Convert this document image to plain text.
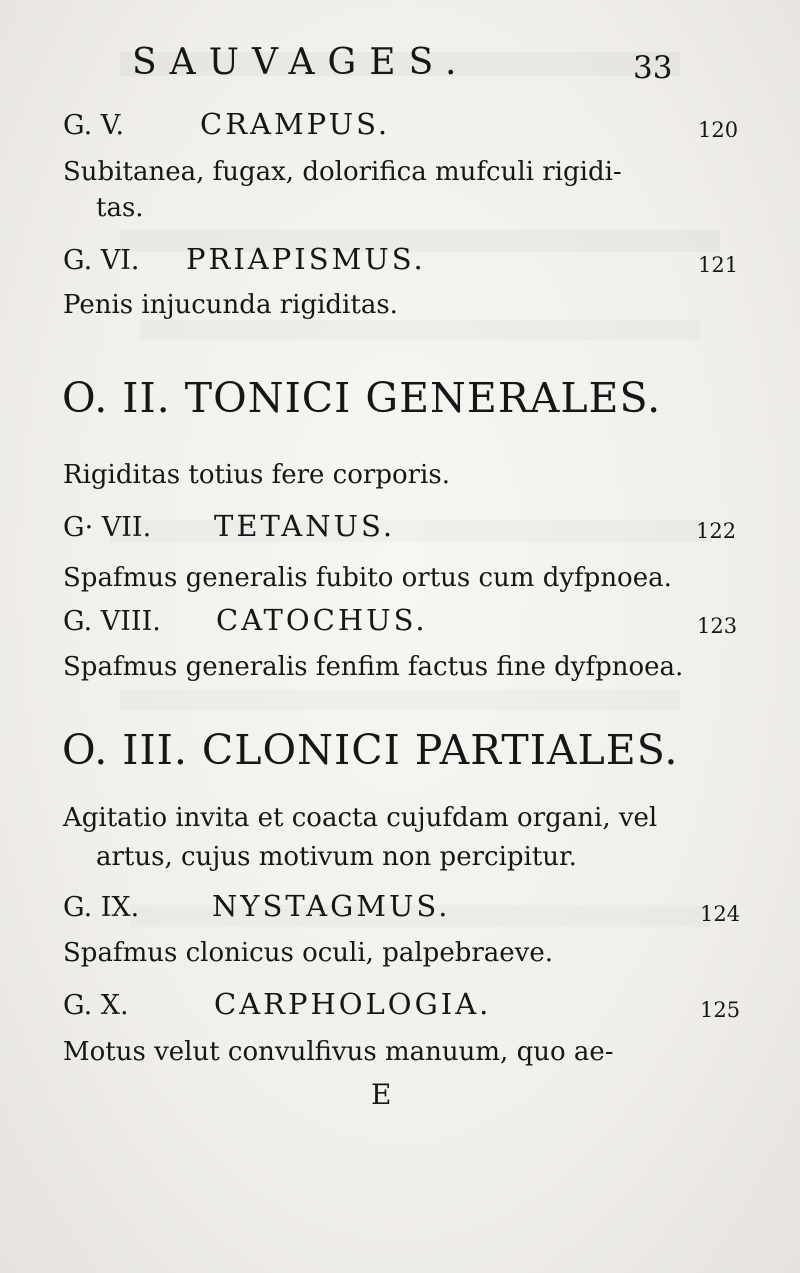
SAUVAGES.	33
G. V.	CRAMPUS.	120
Subitanea, fugax, dolorifica mufculi rigidi-
tas.
G. VI. PRIAPISMUS.	121
Penis injucunda rigiditas.
O. II. TONICI GENERALES.
Rigiditas totius fere corporis.
G· VII. TETANUS.	122
Spafmus generalis fubito ortus cum dyfpnoea.
G. VIII. CATOCHUS.	123
Spafmus generalis fenfim factus fine dyfpnoea.
O. III. CLONICI PARTIALES.
Agitatio invita et coacta cujufdam organi, vel
artus, cujus motivum non percipitur.
G. IX.	NYSTAGMUS.	124
Spafmus clonicus oculi, palpebraeve.
G. X.	CARPHOLOGIA.	125
Motus velut convulfivus manuum, quo ae-
E
